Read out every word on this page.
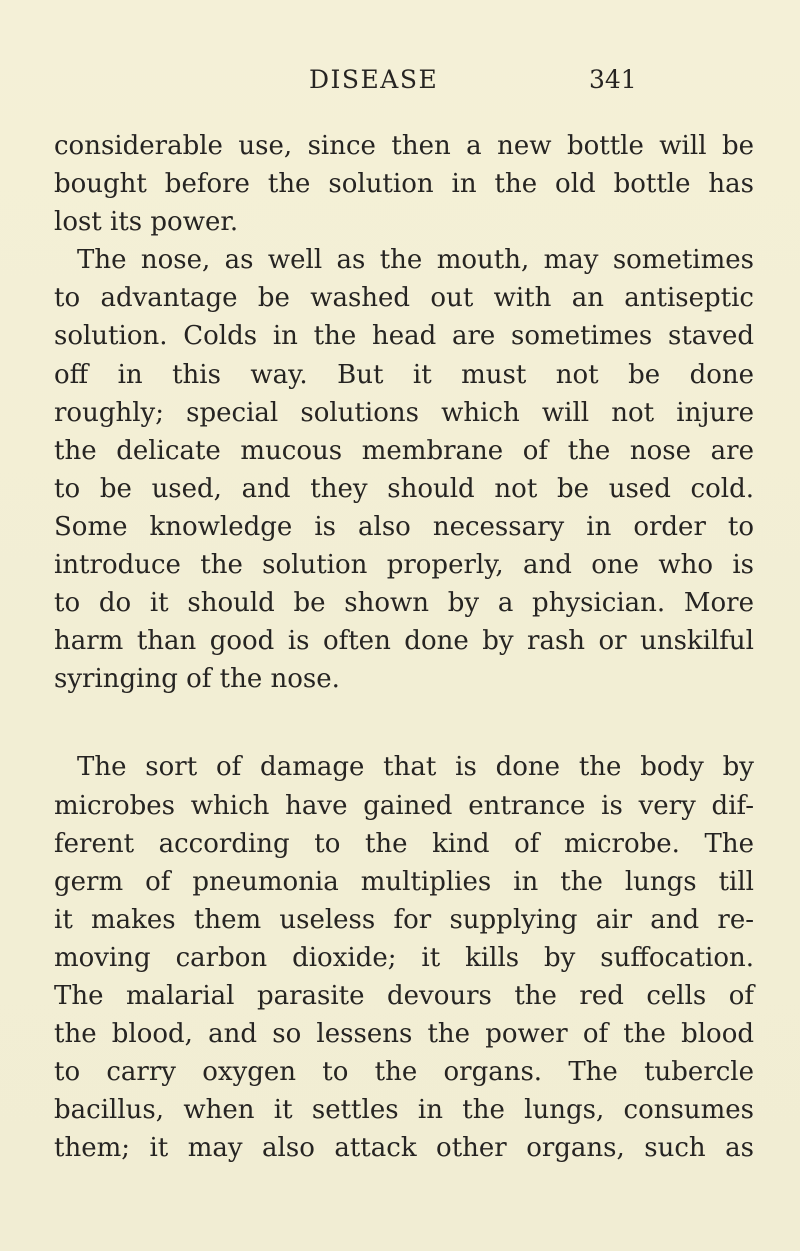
DISEASE	341
considerable use, since then a new bottle will be
bought before the solution in the old bottle has
lost its power.
The nose, as well as the mouth, may sometimes
to advantage be washed out with an antiseptic
solution. Colds in the head are sometimes staved
off in this way. But it must not be done
roughly; special solutions which will not injure
the delicate mucous membrane of the nose are
to be used, and they should not be used cold.
Some knowledge is also necessary in order to
introduce the solution properly, and one who is
to do it should be shown by a physician. More
harm than good is often done by rash or unskilful
syringing of the nose.
The sort of damage that is done the body by
microbes which have gained entrance is very dif-
ferent according to the kind of microbe. The
germ of pneumonia multiplies in the lungs till
it makes them useless for supplying air and re-
moving carbon dioxide; it kills by suffocation.
The malarial parasite devours the red cells of
the blood, and so lessens the power of the blood
to carry oxygen to the organs. The tubercle
bacillus, when it settles in the lungs, consumes
them; it may also attack other organs, such as
